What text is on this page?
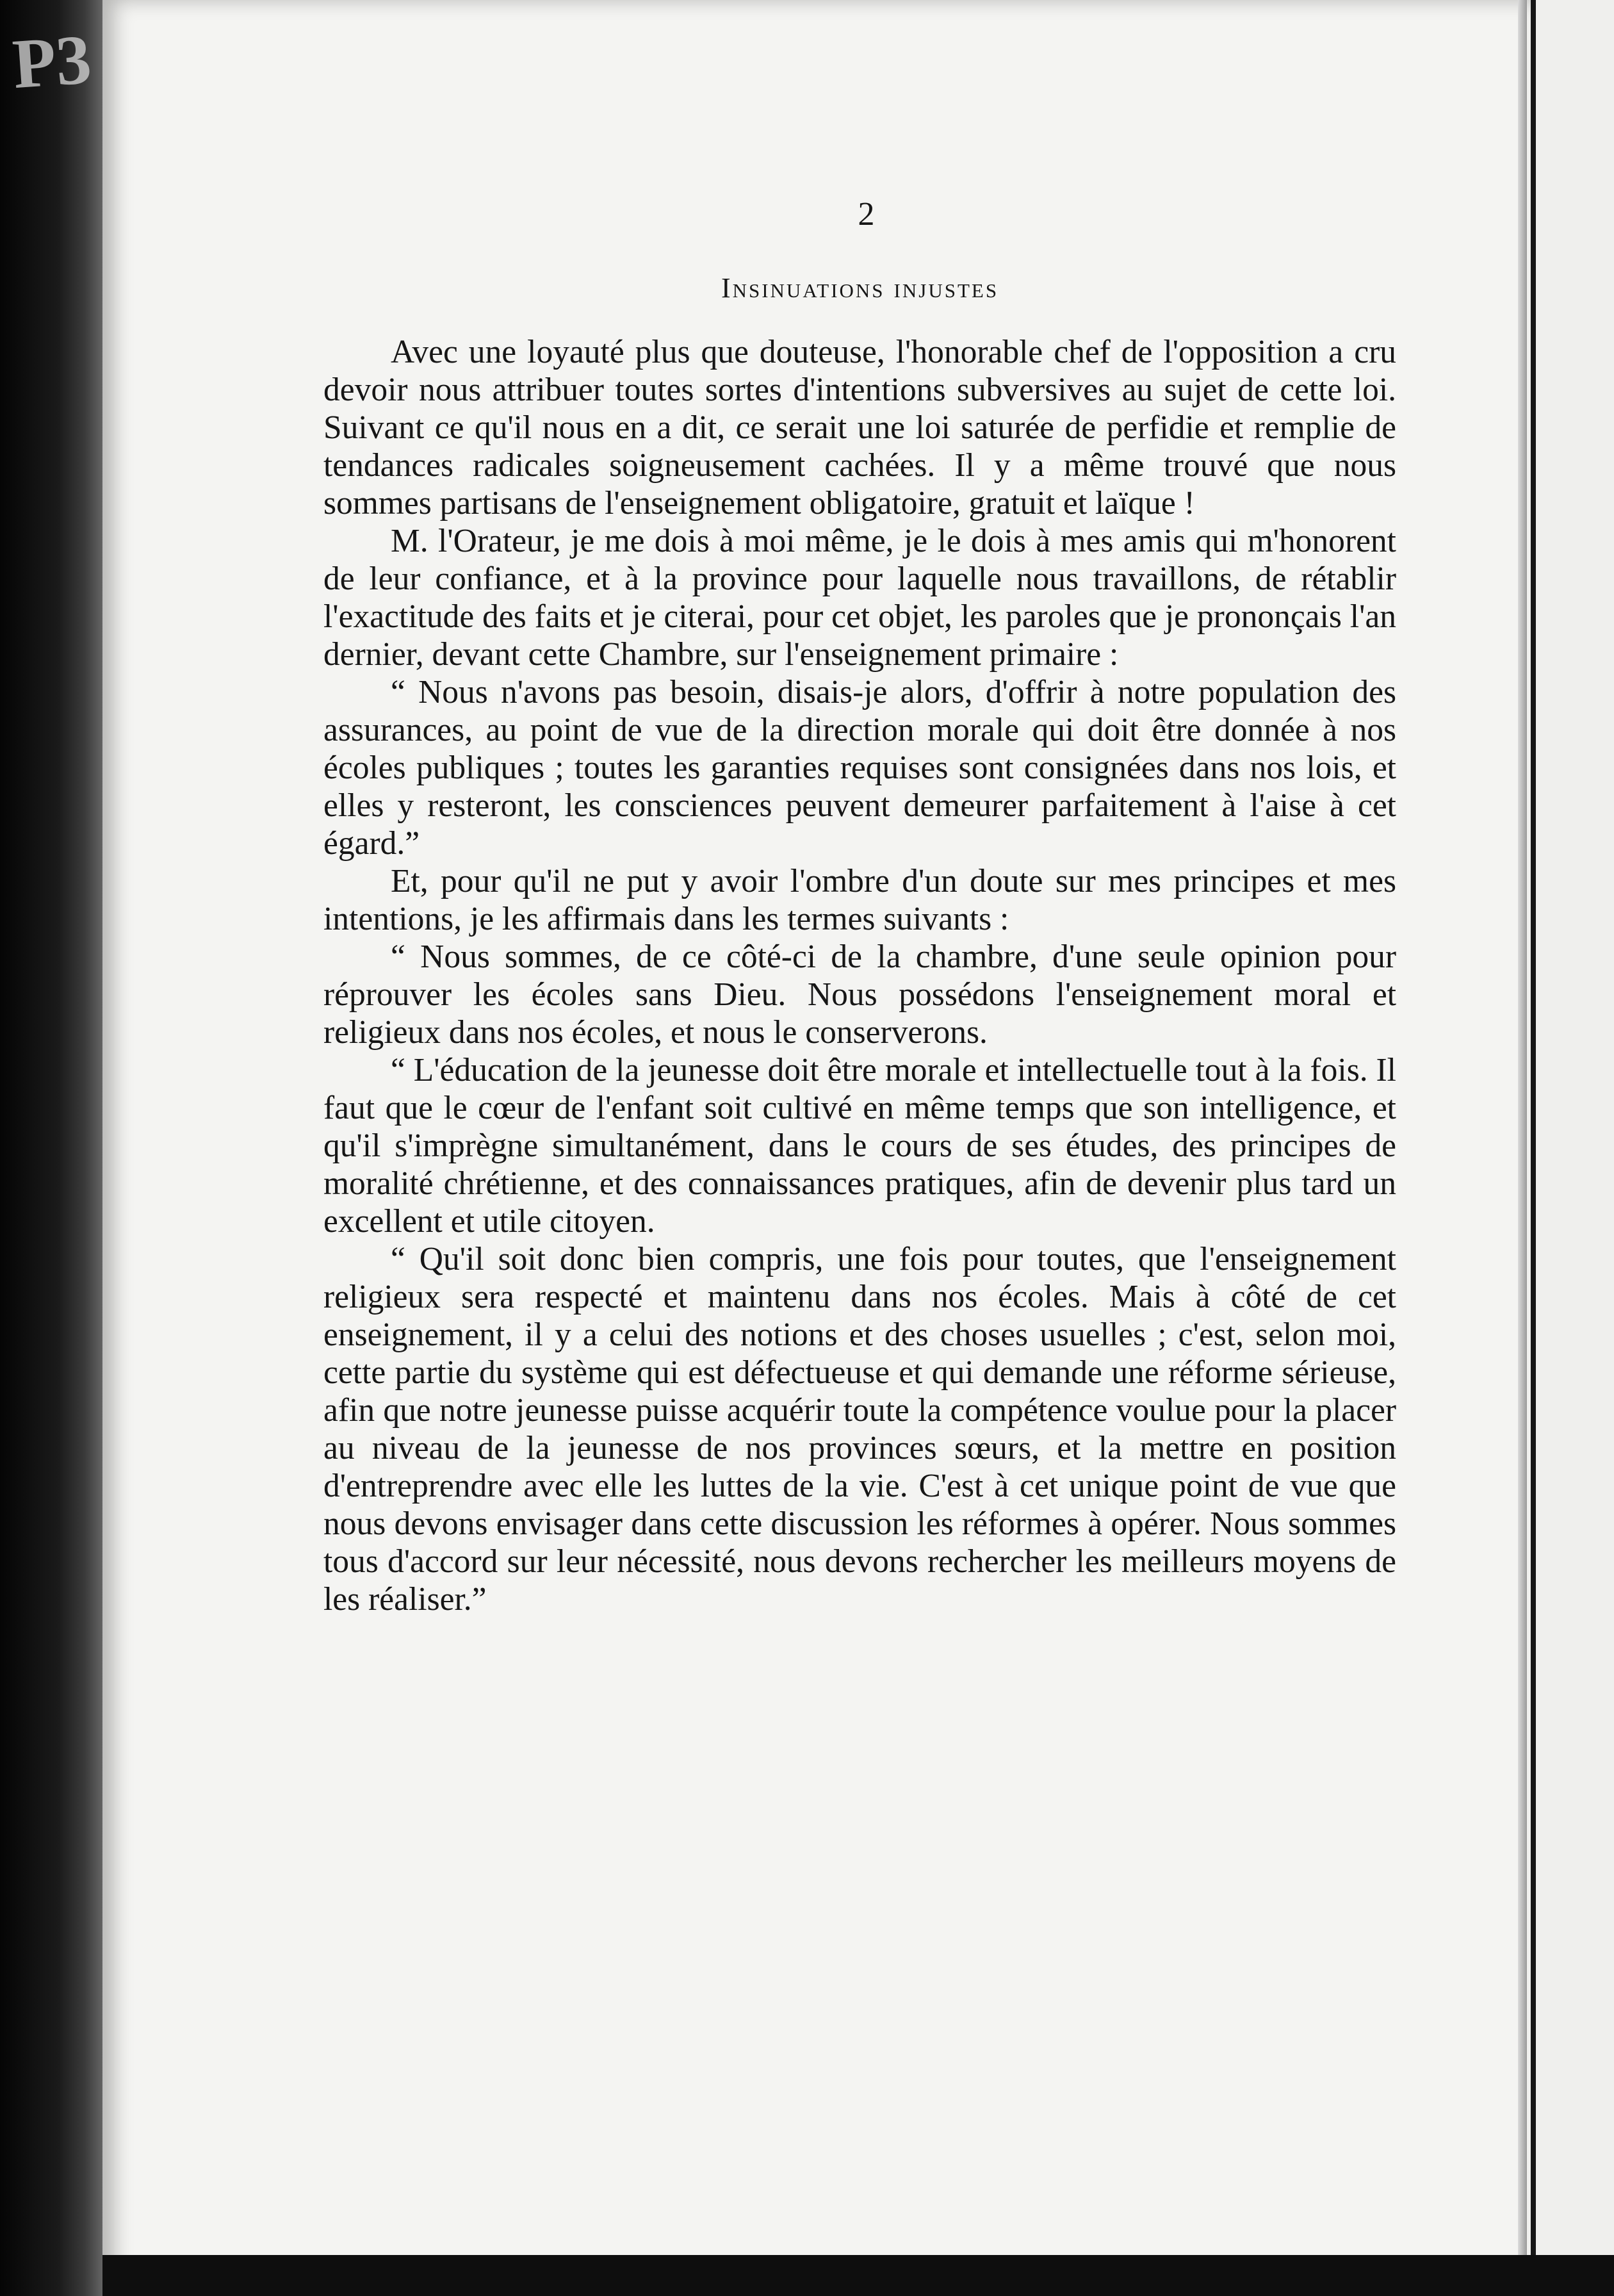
P3

2

Insinuations injustes

Avec une loyauté plus que douteuse, l'honorable chef de l'opposition a cru devoir nous attribuer toutes sortes d'intentions subversives au sujet de cette loi. Suivant ce qu'il nous en a dit, ce serait une loi saturée de perfidie et remplie de tendances radicales soigneusement cachées. Il y a même trouvé que nous sommes partisans de l'enseignement obligatoire, gratuit et laïque !

M. l'Orateur, je me dois à moi même, je le dois à mes amis qui m'honorent de leur confiance, et à la province pour laquelle nous travaillons, de rétablir l'exactitude des faits et je citerai, pour cet objet, les paroles que je prononçais l'an dernier, devant cette Chambre, sur l'enseignement primaire :

“ Nous n'avons pas besoin, disais-je alors, d'offrir à notre population des assurances, au point de vue de la direction morale qui doit être donnée à nos écoles publiques ; toutes les garanties requises sont consignées dans nos lois, et elles y resteront, les consciences peuvent demeurer parfaitement à l'aise à cet égard.”

Et, pour qu'il ne put y avoir l'ombre d'un doute sur mes principes et mes intentions, je les affirmais dans les termes suivants :

“ Nous sommes, de ce côté-ci de la chambre, d'une seule opinion pour réprouver les écoles sans Dieu. Nous possédons l'enseignement moral et religieux dans nos écoles, et nous le conserverons.

“ L'éducation de la jeunesse doit être morale et intellectuelle tout à la fois. Il faut que le cœur de l'enfant soit cultivé en même temps que son intelligence, et qu'il s'imprègne simultanément, dans le cours de ses études, des principes de moralité chrétienne, et des connaissances pratiques, afin de devenir plus tard un excellent et utile citoyen.

“ Qu'il soit donc bien compris, une fois pour toutes, que l'enseignement religieux sera respecté et maintenu dans nos écoles. Mais à côté de cet enseignement, il y a celui des notions et des choses usuelles ; c'est, selon moi, cette partie du système qui est défectueuse et qui demande une réforme sérieuse, afin que notre jeunesse puisse acquérir toute la compétence voulue pour la placer au niveau de la jeunesse de nos provinces sœurs, et la mettre en position d'entreprendre avec elle les luttes de la vie. C'est à cet unique point de vue que nous devons envisager dans cette discussion les réformes à opérer. Nous sommes tous d'accord sur leur nécessité, nous devons rechercher les meilleurs moyens de les réaliser.”
